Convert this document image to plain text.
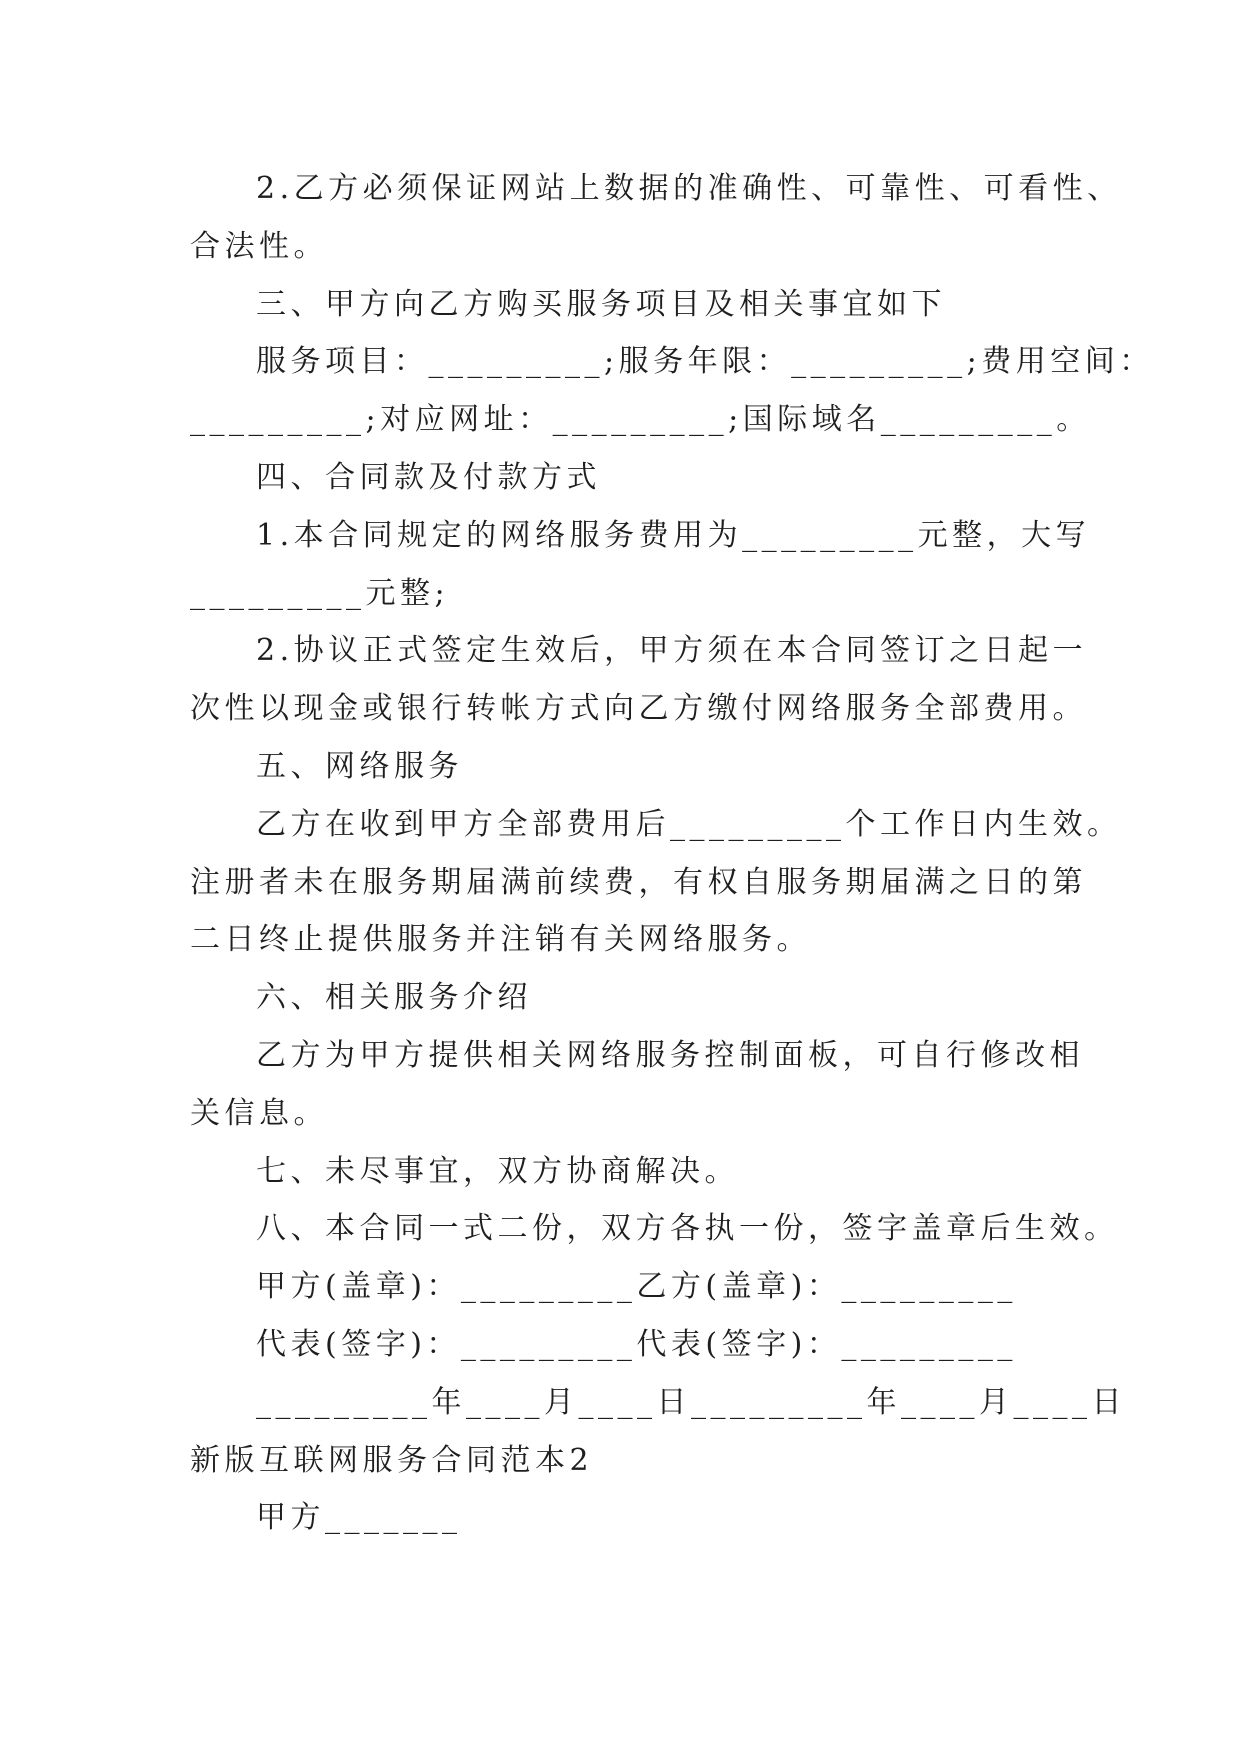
2.乙方必须保证网站上数据的准确性、可靠性、可看性、
合法性。
三、甲方向乙方购买服务项目及相关事宜如下
服务项目：_________;服务年限：_________;费用空间：
_________;对应网址：_________;国际域名_________。
四、合同款及付款方式
1.本合同规定的网络服务费用为_________元整，大写
_________元整;
2.协议正式签定生效后，甲方须在本合同签订之日起一
次性以现金或银行转帐方式向乙方缴付网络服务全部费用。
五、网络服务
乙方在收到甲方全部费用后_________个工作日内生效。
注册者未在服务期届满前续费，有权自服务期届满之日的第
二日终止提供服务并注销有关网络服务。
六、相关服务介绍
乙方为甲方提供相关网络服务控制面板，可自行修改相
关信息。
七、未尽事宜，双方协商解决。
八、本合同一式二份，双方各执一份，签字盖章后生效。
甲方(盖章)：_________乙方(盖章)：_________
代表(签字)：_________代表(签字)：_________
_________年____月____日_________年____月____日
新版互联网服务合同范本2
甲方_______
